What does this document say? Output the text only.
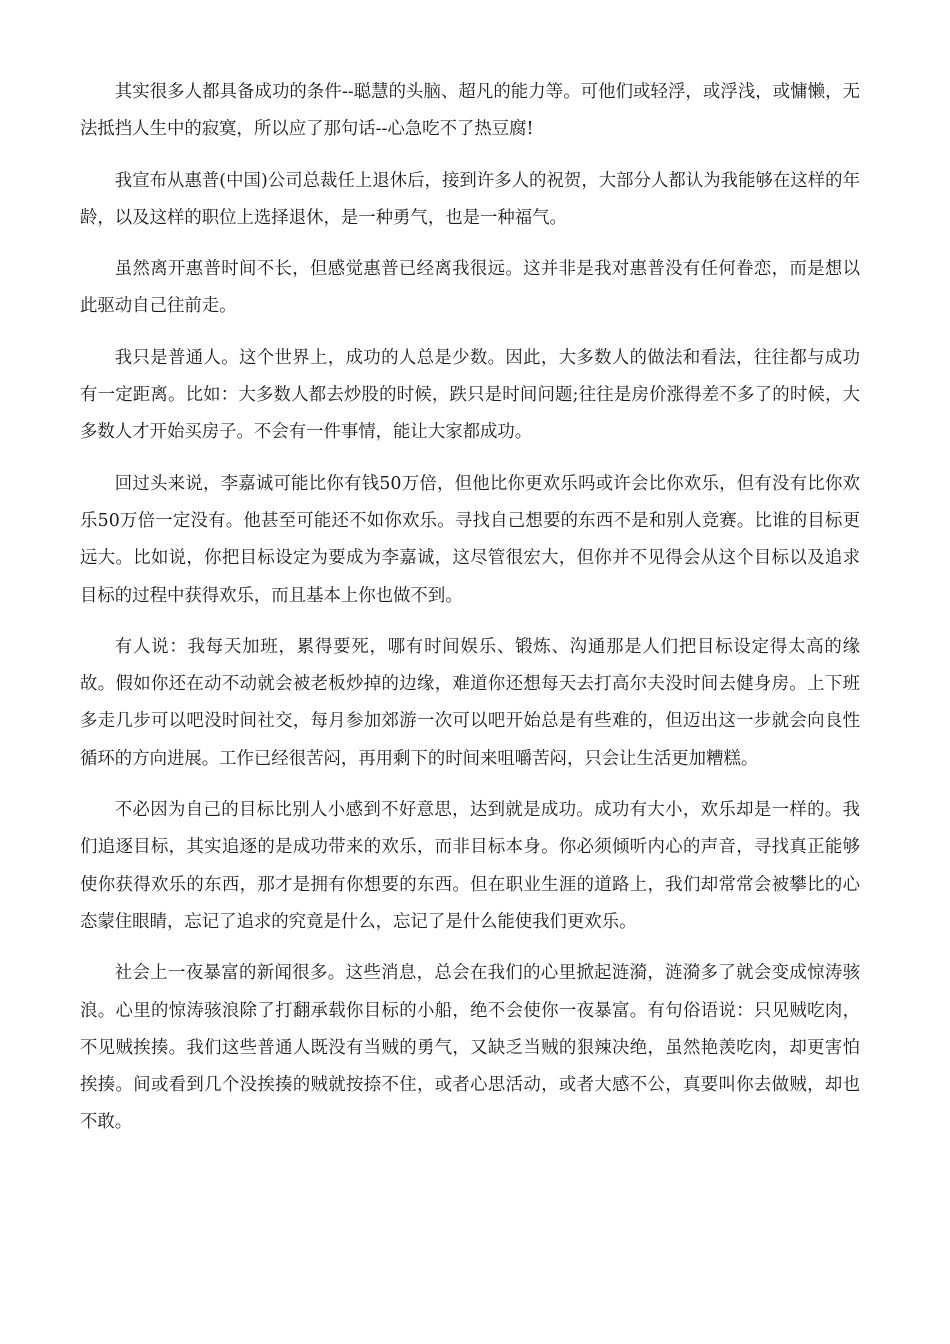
其实很多人都具备成功的条件--聪慧的头脑、超凡的能力等。可他们或轻浮，或浮浅，或慵懒，无法抵挡人生中的寂寞，所以应了那句话--心急吃不了热豆腐!

我宣布从惠普(中国)公司总裁任上退休后，接到许多人的祝贺，大部分人都认为我能够在这样的年龄，以及这样的职位上选择退休，是一种勇气，也是一种福气。

虽然离开惠普时间不长，但感觉惠普已经离我很远。这并非是我对惠普没有任何眷恋，而是想以此驱动自己往前走。

我只是普通人。这个世界上，成功的人总是少数。因此，大多数人的做法和看法，往往都与成功有一定距离。比如：大多数人都去炒股的时候，跌只是时间问题;往往是房价涨得差不多了的时候，大多数人才开始买房子。不会有一件事情，能让大家都成功。

回过头来说，李嘉诚可能比你有钱50万倍，但他比你更欢乐吗或许会比你欢乐，但有没有比你欢乐50万倍一定没有。他甚至可能还不如你欢乐。寻找自己想要的东西不是和别人竞赛。比谁的目标更远大。比如说，你把目标设定为要成为李嘉诚，这尽管很宏大，但你并不见得会从这个目标以及追求目标的过程中获得欢乐，而且基本上你也做不到。

有人说：我每天加班，累得要死，哪有时间娱乐、锻炼、沟通那是人们把目标设定得太高的缘故。假如你还在动不动就会被老板炒掉的边缘，难道你还想每天去打高尔夫没时间去健身房。上下班多走几步可以吧没时间社交，每月参加郊游一次可以吧开始总是有些难的，但迈出这一步就会向良性循环的方向进展。工作已经很苦闷，再用剩下的时间来咀嚼苦闷，只会让生活更加糟糕。

不必因为自己的目标比别人小感到不好意思，达到就是成功。成功有大小，欢乐却是一样的。我们追逐目标，其实追逐的是成功带来的欢乐，而非目标本身。你必须倾听内心的声音，寻找真正能够使你获得欢乐的东西，那才是拥有你想要的东西。但在职业生涯的道路上，我们却常常会被攀比的心态蒙住眼睛，忘记了追求的究竟是什么，忘记了是什么能使我们更欢乐。

社会上一夜暴富的新闻很多。这些消息，总会在我们的心里掀起涟漪，涟漪多了就会变成惊涛骇浪。心里的惊涛骇浪除了打翻承载你目标的小船，绝不会使你一夜暴富。有句俗语说：只见贼吃肉，不见贼挨揍。我们这些普通人既没有当贼的勇气，又缺乏当贼的狠辣决绝，虽然艳羡吃肉，却更害怕挨揍。间或看到几个没挨揍的贼就按捺不住，或者心思活动，或者大感不公，真要叫你去做贼，却也不敢。
